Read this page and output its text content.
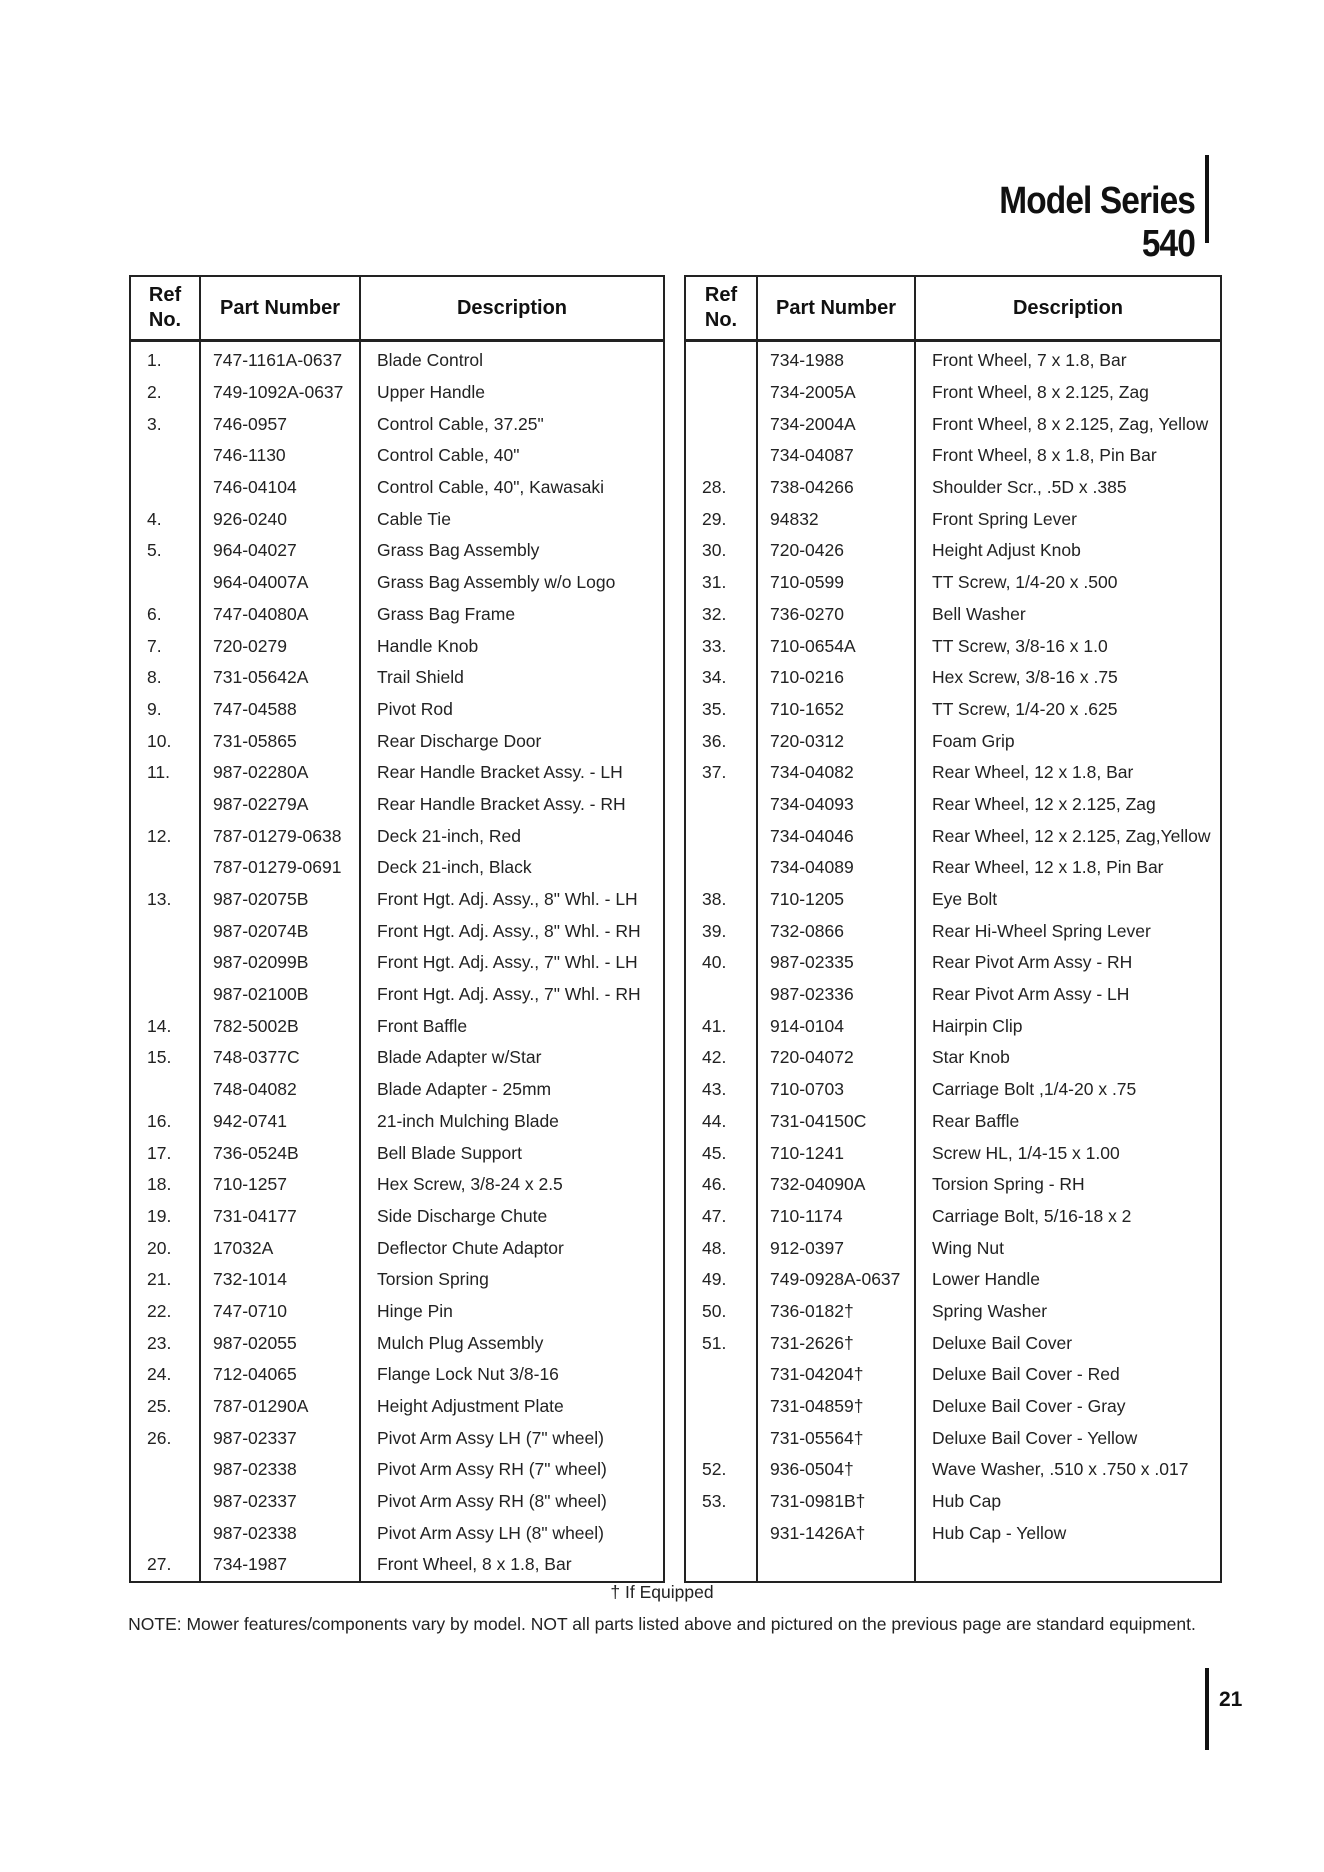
Model Series 540
Ref
No.	Part Number	Description
1.	747-1161A-0637	Blade Control
2.	749-1092A-0637	Upper Handle
3.	746-0957	Control Cable, 37.25"
	746-1130	Control Cable, 40"
	746-04104	Control Cable, 40", Kawasaki
4.	926-0240	Cable Tie
5.	964-04027	Grass Bag Assembly
	964-04007A	Grass Bag Assembly w/o Logo
6.	747-04080A	Grass Bag Frame
7.	720-0279	Handle Knob
8.	731-05642A	Trail Shield
9.	747-04588	Pivot Rod
10.	731-05865	Rear Discharge Door
11.	987-02280A	Rear Handle Bracket Assy. - LH
	987-02279A	Rear Handle Bracket Assy. - RH
12.	787-01279-0638	Deck 21-inch, Red
	787-01279-0691	Deck 21-inch, Black
13.	987-02075B	Front Hgt. Adj. Assy., 8" Whl. - LH
	987-02074B	Front Hgt. Adj. Assy., 8" Whl. - RH
	987-02099B	Front Hgt. Adj. Assy., 7" Whl. - LH
	987-02100B	Front Hgt. Adj. Assy., 7" Whl. - RH
14.	782-5002B	Front Baffle
15.	748-0377C	Blade Adapter w/Star
	748-04082	Blade Adapter - 25mm
16.	942-0741	21-inch Mulching Blade
17.	736-0524B	Bell Blade Support
18.	710-1257	Hex Screw, 3/8-24 x 2.5
19.	731-04177	Side Discharge Chute
20.	17032A	Deflector Chute Adaptor
21.	732-1014	Torsion Spring
22.	747-0710	Hinge Pin
23.	987-02055	Mulch Plug Assembly
24.	712-04065	Flange Lock Nut 3/8-16
25.	787-01290A	Height Adjustment Plate
26.	987-02337	Pivot Arm Assy LH (7" wheel)
	987-02338	Pivot Arm Assy RH (7" wheel)
	987-02337	Pivot Arm Assy RH (8" wheel)
	987-02338	Pivot Arm Assy LH (8" wheel)
27.	734-1987	Front Wheel, 8 x 1.8, Bar
Ref
No.	Part Number	Description
	734-1988	Front Wheel, 7 x 1.8, Bar
	734-2005A	Front Wheel, 8 x 2.125, Zag
	734-2004A	Front Wheel, 8 x 2.125, Zag, Yellow
	734-04087	Front Wheel, 8 x 1.8, Pin Bar
28.	738-04266	Shoulder Scr., .5D x .385
29.	94832	Front Spring Lever
30.	720-0426	Height Adjust Knob
31.	710-0599	TT Screw, 1/4-20 x .500
32.	736-0270	Bell Washer
33.	710-0654A	TT Screw, 3/8-16 x 1.0
34.	710-0216	Hex Screw, 3/8-16 x .75
35.	710-1652	TT Screw, 1/4-20 x .625
36.	720-0312	Foam Grip
37.	734-04082	Rear Wheel, 12 x 1.8, Bar
	734-04093	Rear Wheel, 12 x 2.125, Zag
	734-04046	Rear Wheel, 12 x 2.125, Zag,Yellow
	734-04089	Rear Wheel, 12 x 1.8, Pin Bar
38.	710-1205	Eye Bolt
39.	732-0866	Rear Hi-Wheel Spring Lever
40.	987-02335	Rear Pivot Arm Assy - RH
	987-02336	Rear Pivot Arm Assy - LH
41.	914-0104	Hairpin Clip
42.	720-04072	Star Knob
43.	710-0703	Carriage Bolt ,1/4-20 x .75
44.	731-04150C	Rear Baffle
45.	710-1241	Screw HL, 1/4-15 x 1.00
46.	732-04090A	Torsion Spring - RH
47.	710-1174	Carriage Bolt, 5/16-18 x 2
48.	912-0397	Wing Nut
49.	749-0928A-0637	Lower Handle
50.	736-0182†	Spring Washer
51.	731-2626†	Deluxe Bail Cover
	731-04204†	Deluxe Bail Cover - Red
	731-04859†	Deluxe Bail Cover - Gray
	731-05564†	Deluxe Bail Cover - Yellow
52.	936-0504†	Wave Washer, .510 x .750 x .017
53.	731-0981B†	Hub Cap
	931-1426A†	Hub Cap - Yellow

† If Equipped
NOTE: Mower features/components vary by model. NOT all parts listed above and pictured on the previous page are standard equipment.
21
